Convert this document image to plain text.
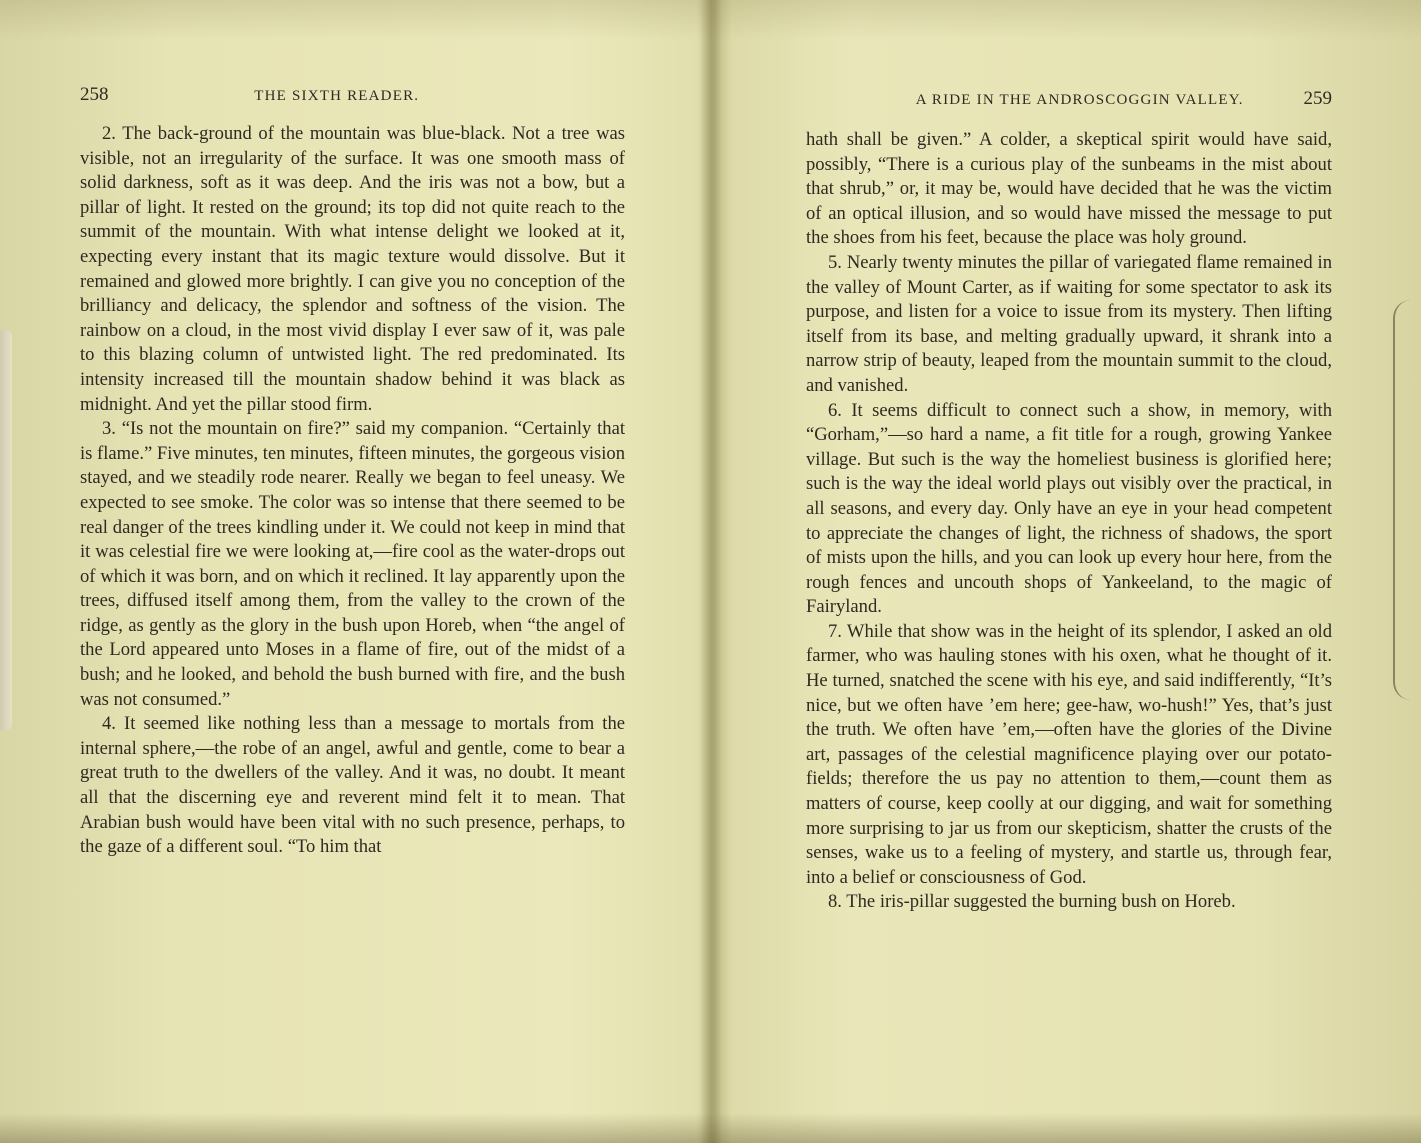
258	THE SIXTH READER.

2. The back-ground of the mountain was blue-black. Not a tree was visible, not an irregularity of the surface. It was one smooth mass of solid darkness, soft as it was deep. And the iris was not a bow, but a pillar of light. It rested on the ground; its top did not quite reach to the summit of the mountain. With what intense delight we looked at it, expecting every instant that its magic texture would dissolve. But it remained and glowed more brightly. I can give you no conception of the brilliancy and delicacy, the splendor and softness of the vision. The rainbow on a cloud, in the most vivid display I ever saw of it, was pale to this blazing column of untwisted light. The red predominated. Its intensity increased till the mountain shadow behind it was black as midnight. And yet the pillar stood firm.

3. “Is not the mountain on fire?” said my companion. “Certainly that is flame.” Five minutes, ten minutes, fifteen minutes, the gorgeous vision stayed, and we steadily rode nearer. Really we began to feel uneasy. We expected to see smoke. The color was so intense that there seemed to be real danger of the trees kindling under it. We could not keep in mind that it was celestial fire we were looking at,—fire cool as the water-drops out of which it was born, and on which it reclined. It lay apparently upon the trees, diffused itself among them, from the valley to the crown of the ridge, as gently as the glory in the bush upon Horeb, when “the angel of the Lord appeared unto Moses in a flame of fire, out of the midst of a bush; and he looked, and behold the bush burned with fire, and the bush was not consumed.”

4. It seemed like nothing less than a message to mortals from the internal sphere,—the robe of an angel, awful and gentle, come to bear a great truth to the dwellers of the valley. And it was, no doubt. It meant all that the discerning eye and reverent mind felt it to mean. That Arabian bush would have been vital with no such presence, perhaps, to the gaze of a different soul. “To him that

A RIDE IN THE ANDROSCOGGIN VALLEY.	259

hath shall be given.” A colder, a skeptical spirit would have said, possibly, “There is a curious play of the sunbeams in the mist about that shrub,” or, it may be, would have decided that he was the victim of an optical illusion, and so would have missed the message to put the shoes from his feet, because the place was holy ground.

5. Nearly twenty minutes the pillar of variegated flame remained in the valley of Mount Carter, as if waiting for some spectator to ask its purpose, and listen for a voice to issue from its mystery. Then lifting itself from its base, and melting gradually upward, it shrank into a narrow strip of beauty, leaped from the mountain summit to the cloud, and vanished.

6. It seems difficult to connect such a show, in memory, with “Gorham,”—so hard a name, a fit title for a rough, growing Yankee village. But such is the way the homeliest business is glorified here; such is the way the ideal world plays out visibly over the practical, in all seasons, and every day. Only have an eye in your head competent to appreciate the changes of light, the richness of shadows, the sport of mists upon the hills, and you can look up every hour here, from the rough fences and uncouth shops of Yankeeland, to the magic of Fairyland.

7. While that show was in the height of its splendor, I asked an old farmer, who was hauling stones with his oxen, what he thought of it. He turned, snatched the scene with his eye, and said indifferently, “It’s nice, but we often have ’em here; gee-haw, wo-hush!” Yes, that’s just the truth. We often have ’em,—often have the glories of the Divine art, passages of the celestial magnificence playing over our potato-fields; therefore the us pay no attention to them,—count them as matters of course, keep coolly at our digging, and wait for something more surprising to jar us from our skepticism, shatter the crusts of the senses, wake us to a feeling of mystery, and startle us, through fear, into a belief or consciousness of God.

8. The iris-pillar suggested the burning bush on Horeb.
